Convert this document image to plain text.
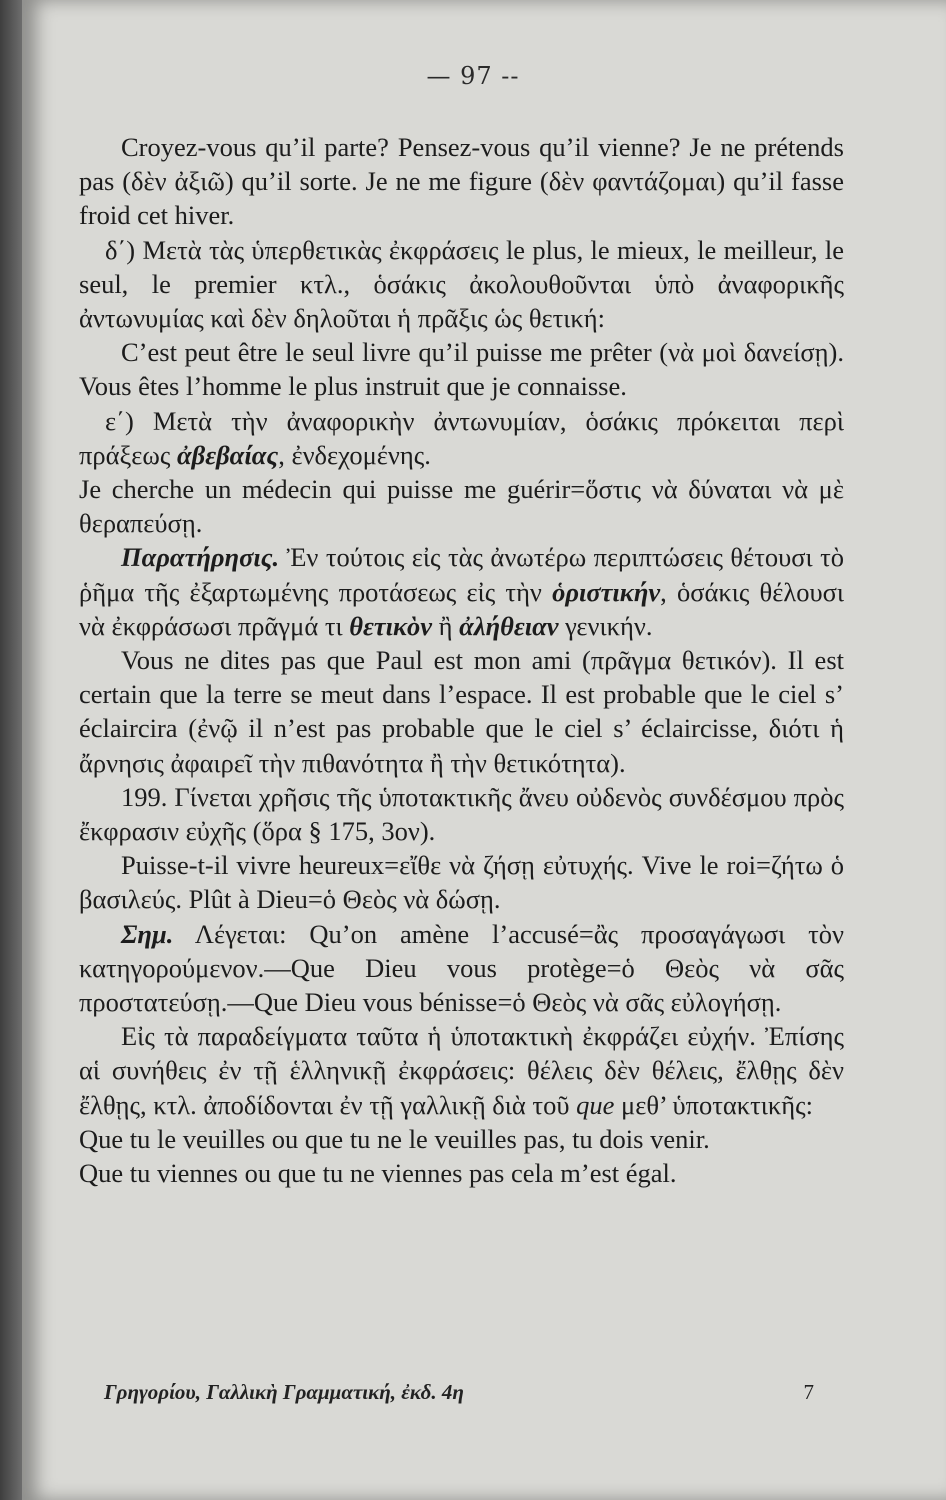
— 97 --

Croyez-vous qu’il parte? Pensez-vous qu’il vienne? Je ne prétends pas (δὲν ἀξιῶ) qu’il sorte. Je ne me figure (δὲν φαντάζομαι) qu’il fasse froid cet hiver.

δ΄) Μετὰ τὰς ὑπερθετικὰς ἐκφράσεις le plus, le mieux, le meilleur, le seul, le premier κτλ., ὁσάκις ἀκολουθοῦνται ὑπὸ ἀναφορικῆς ἀντωνυμίας καὶ δὲν δηλοῦται ἡ πρᾶξις ὡς θετική:

C’est peut être le seul livre qu’il puisse me prêter (νὰ μοὶ δανείσῃ). Vous êtes l’homme le plus instruit que je connaisse.

ε΄) Μετὰ τὴν ἀναφορικὴν ἀντωνυμίαν, ὁσάκις πρόκειται περὶ πράξεως ἀβεβαίας, ἐνδεχομένης.

Je cherche un médecin qui puisse me guérir=ὅστις νὰ δύναται νὰ μὲ θεραπεύσῃ.

Παρατήρησις. Ἐν τούτοις εἰς τὰς ἀνωτέρω περιπτώσεις θέτουσι τὸ ῥῆμα τῆς ἐξαρτωμένης προτάσεως εἰς τὴν ὁριστικήν, ὁσάκις θέλουσι νὰ ἐκφράσωσι πρᾶγμά τι θετικὸν ἢ ἀλήθειαν γενικήν.

Vous ne dites pas que Paul est mon ami (πρᾶγμα θετικόν). Il est certain que la terre se meut dans l’espace. Il est probable que le ciel s’ éclaircira (ἐνῷ il n’est pas probable que le ciel s’ éclaircisse, διότι ἡ ἄρνησις ἀφαιρεῖ τὴν πιθανότητα ἢ τὴν θετικότητα).

199. Γίνεται χρῆσις τῆς ὑποτακτικῆς ἄνευ οὐδενὸς συνδέσμου πρὸς ἔκφρασιν εὐχῆς (ὅρα § 175, 3ον).

Puisse-t-il vivre heureux=εἴθε νὰ ζήσῃ εὐτυχής. Vive le roi=ζήτω ὁ βασιλεύς. Plût à Dieu=ὁ Θεὸς νὰ δώσῃ.

Σημ. Λέγεται: Qu’on amène l’accusé=ἂς προσαγάγωσι τὸν κατηγορούμενον.—Que Dieu vous protège=ὁ Θεὸς νὰ σᾶς προστατεύσῃ.—Que Dieu vous bénisse=ὁ Θεὸς νὰ σᾶς εὐλογήσῃ.

Εἰς τὰ παραδείγματα ταῦτα ἡ ὑποτακτικὴ ἐκφράζει εὐχήν. Ἐπίσης αἱ συνήθεις ἐν τῇ ἑλληνικῇ ἐκφράσεις: θέλεις δὲν θέλεις, ἔλθῃς δὲν ἔλθῃς, κτλ. ἀποδίδονται ἐν τῇ γαλλικῇ διὰ τοῦ que μεθ’ ὑποτακτικῆς:

Que tu le veuilles ou que tu ne le veuilles pas, tu dois venir.

Que tu viennes ou que tu ne viennes pas cela m’est égal.

Γρηγορίου, Γαλλικὴ Γραμματική, ἐκδ. 4η	7
